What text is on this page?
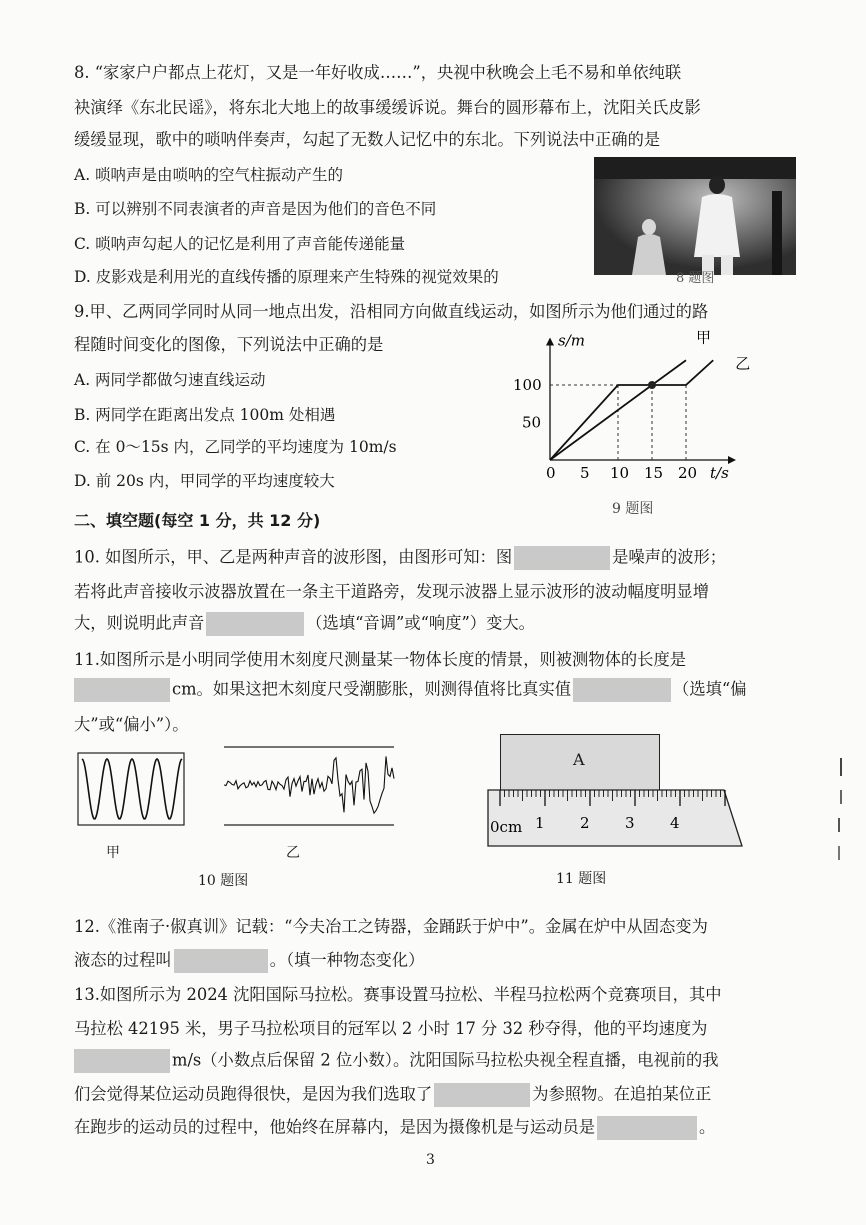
8. “家家户户都点上花灯，又是一年好收成……”，央视中秋晚会上毛不易和单依纯联
袂演绎《东北民谣》，将东北大地上的故事缓缓诉说。舞台的圆形幕布上，沈阳关氏皮影
缓缓显现，歌中的唢呐伴奏声，勾起了无数人记忆中的东北。下列说法中正确的是
A. 唢呐声是由唢呐的空气柱振动产生的
B. 可以辨别不同表演者的声音是因为他们的音色不同
C. 唢呐声勾起人的记忆是利用了声音能传递能量
D. 皮影戏是利用光的直线传播的原理来产生特殊的视觉效果的	8 题图
9.甲、乙两同学同时从同一地点出发，沿相同方向做直线运动，如图所示为他们通过的路
程随时间变化的图像，下列说法中正确的是
A. 两同学都做匀速直线运动
B. 两同学在距离出发点 100m 处相遇
C. 在 0～15s 内，乙同学的平均速度为 10m/s
D. 前 20s 内，甲同学的平均速度较大
s/m
t/s
0 5 10 15 20
50
100
甲
乙
9 题图
二、填空题(每空 1 分，共 12 分)
10. 如图所示，甲、乙是两种声音的波形图，由图形可知：图	是噪声的波形；
若将此声音接收示波器放置在一条主干道路旁，发现示波器上显示波形的波动幅度明显增
大，则说明此声音	（选填“音调”或“响度”）变大。
11.如图所示是小明同学使用木刻度尺测量某一物体长度的情景，则被测物体的长度是
cm。如果这把木刻度尺受潮膨胀，则测得值将比真实值	（选填“偏
大”或“偏小”）。
甲	乙
10 题图
A
0cm 1 2 3 4
11 题图
12.《淮南子·俶真训》记载：“今夫冶工之铸器，金踊跃于炉中”。金属在炉中从固态变为
液态的过程叫	。（填一种物态变化）
13.如图所示为 2024 沈阳国际马拉松。赛事设置马拉松、半程马拉松两个竞赛项目，其中
马拉松 42195 米，男子马拉松项目的冠军以 2 小时 17 分 32 秒夺得，他的平均速度为
m/s（小数点后保留 2 位小数）。沈阳国际马拉松央视全程直播，电视前的我
们会觉得某位运动员跑得很快，是因为我们选取了	为参照物。在追拍某位正
在跑步的运动员的过程中，他始终在屏幕内，是因为摄像机是与运动员是	。
3
